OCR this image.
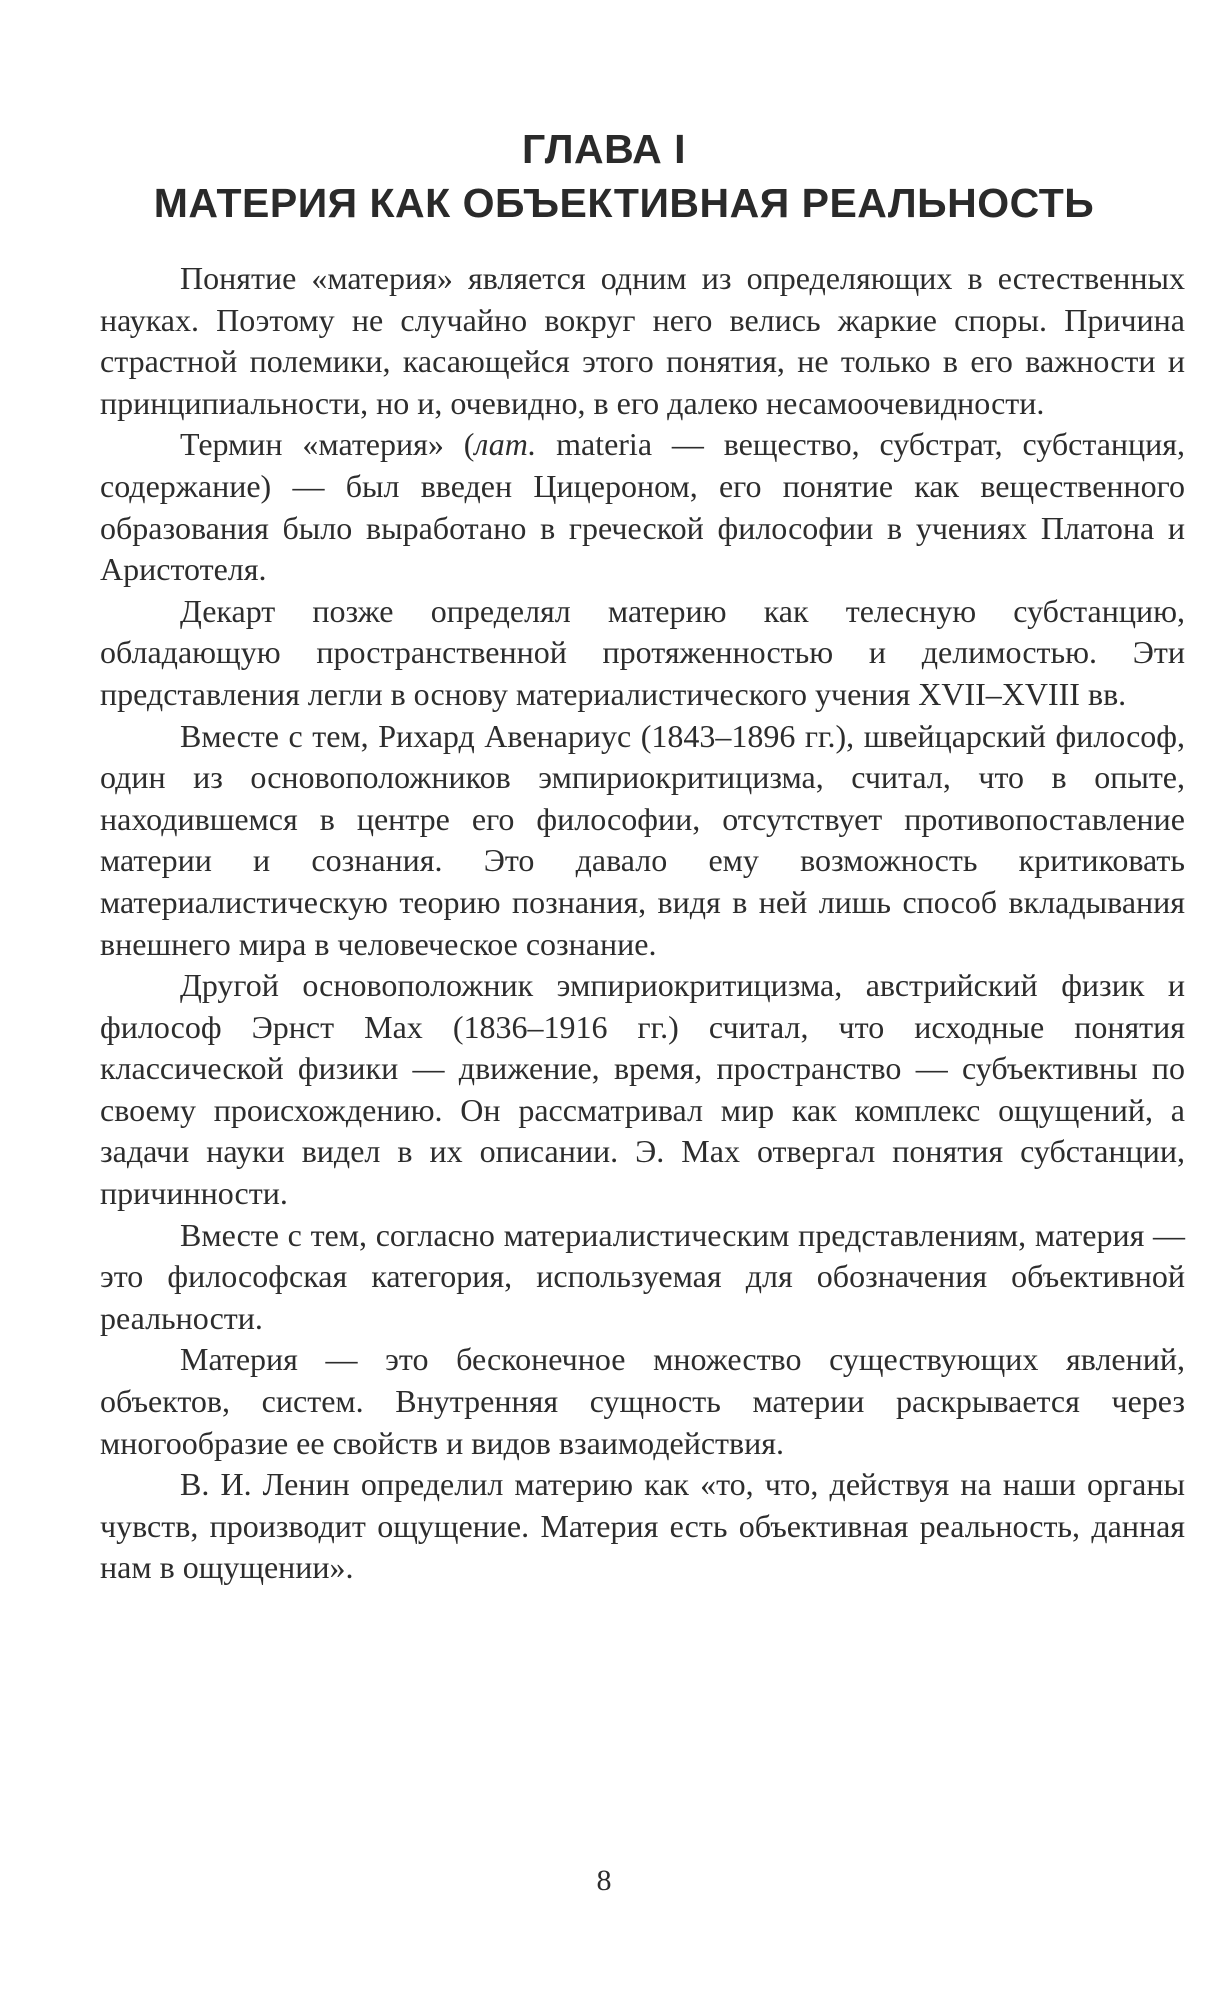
ГЛАВА I
МАТЕРИЯ КАК ОБЪЕКТИВНАЯ РЕАЛЬНОСТЬ

Понятие «материя» является одним из определяющих в естественных науках. Поэтому не случайно вокруг него велись жаркие споры. Причина страстной полемики, касающейся этого понятия, не только в его важности и принципиальности, но и, очевидно, в его далеко несамоочевидности.

Термин «материя» (лат. materia — вещество, субстрат, субстанция, содержание) — был введен Цицероном, его понятие как вещественного образования было выработано в греческой философии в учениях Платона и Аристотеля.

Декарт позже определял материю как телесную субстанцию, обладающую пространственной протяженностью и делимостью. Эти представления легли в основу материалистического учения XVII–XVIII вв.

Вместе с тем, Рихард Авенариус (1843–1896 гг.), швейцарский философ, один из основоположников эмпириокритицизма, считал, что в опыте, находившемся в центре его философии, отсутствует противопоставление материи и сознания. Это давало ему возможность критиковать материалистическую теорию познания, видя в ней лишь способ вкладывания внешнего мира в человеческое сознание.

Другой основоположник эмпириокритицизма, австрийский физик и философ Эрнст Мах (1836–1916 гг.) считал, что исходные понятия классической физики — движение, время, пространство — субъективны по своему происхождению. Он рассматривал мир как комплекс ощущений, а задачи науки видел в их описании. Э. Мах отвергал понятия субстанции, причинности.

Вместе с тем, согласно материалистическим представлениям, материя — это философская категория, используемая для обозначения объективной реальности.

Материя — это бесконечное множество существующих явлений, объектов, систем. Внутренняя сущность материи раскрывается через многообразие ее свойств и видов взаимодействия.

В. И. Ленин определил материю как «то, что, действуя на наши органы чувств, производит ощущение. Материя есть объективная реальность, данная нам в ощущении».

8
